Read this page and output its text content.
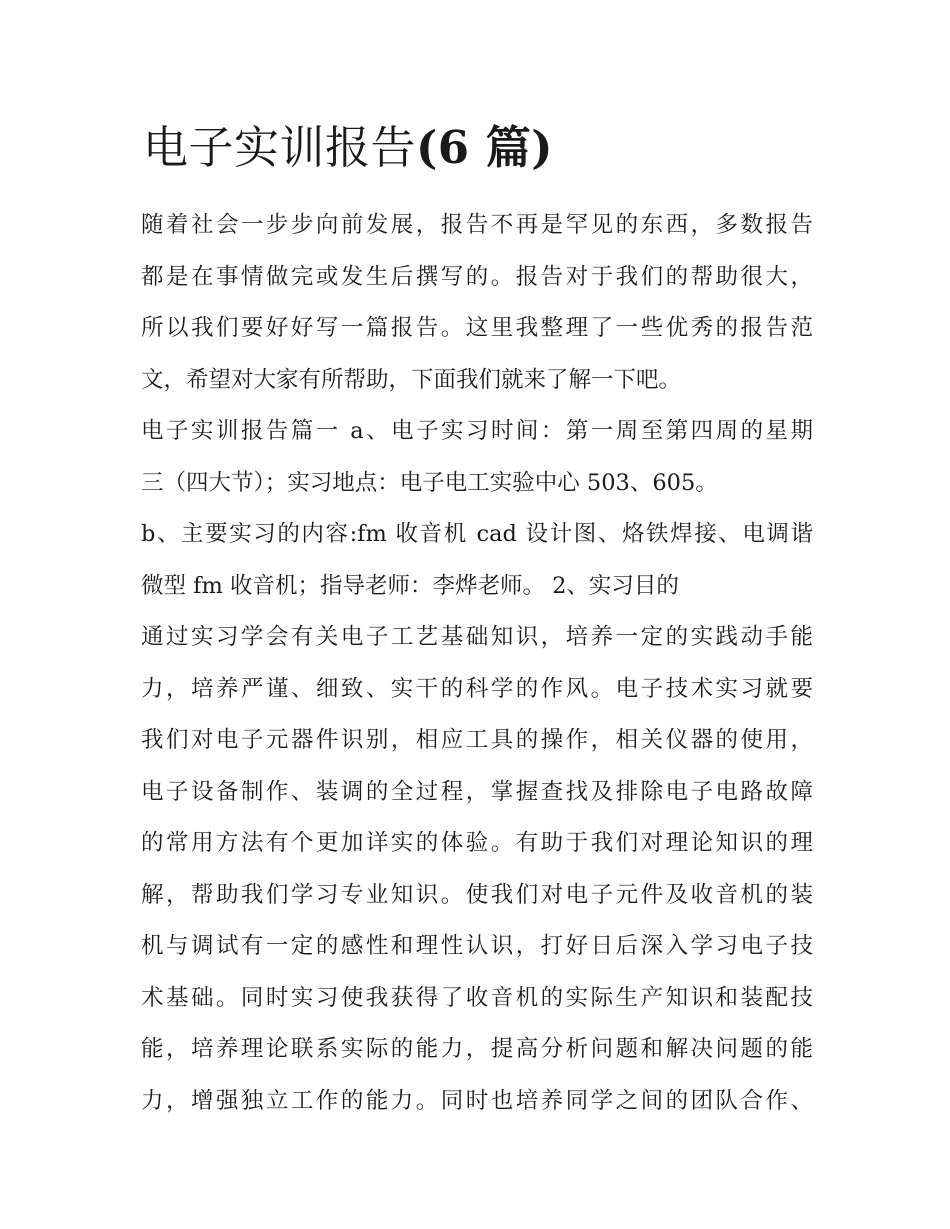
电子实训报告(6 篇)
随着社会一步步向前发展，报告不再是罕见的东西，多数报告
都是在事情做完或发生后撰写的。报告对于我们的帮助很大，
所以我们要好好写一篇报告。这里我整理了一些优秀的报告范
文，希望对大家有所帮助，下面我们就来了解一下吧。
电子实训报告篇一 a、电子实习时间：第一周至第四周的星期
三（四大节）；实习地点：电子电工实验中心 503、605。
b、主要实习的内容:fm 收音机 cad 设计图、烙铁焊接、电调谐
微型 fm 收音机；指导老师：李烨老师。 2、实习目的
通过实习学会有关电子工艺基础知识，培养一定的实践动手能
力，培养严谨、细致、实干的科学的作风。电子技术实习就要
我们对电子元器件识别，相应工具的操作，相关仪器的使用，
电子设备制作、装调的全过程，掌握查找及排除电子电路故障
的常用方法有个更加详实的体验。有助于我们对理论知识的理
解，帮助我们学习专业知识。使我们对电子元件及收音机的装
机与调试有一定的感性和理性认识，打好日后深入学习电子技
术基础。同时实习使我获得了收音机的实际生产知识和装配技
能，培养理论联系实际的能力，提高分析问题和解决问题的能
力，增强独立工作的能力。同时也培养同学之间的团队合作、
